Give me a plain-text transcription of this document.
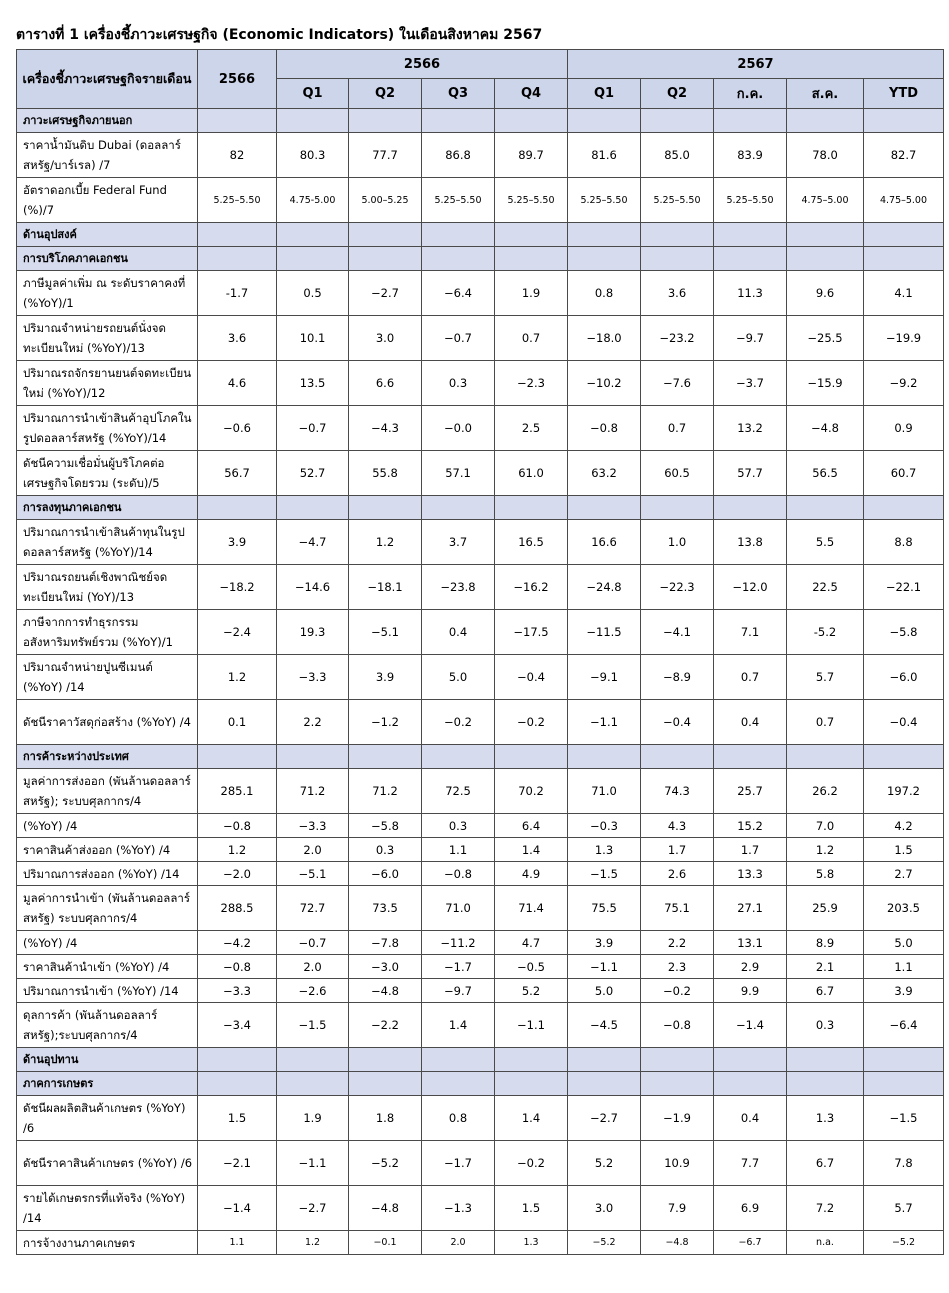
ตารางที่ 1 เครื่องชี้ภาวะเศรษฐกิจ (Economic Indicators) ในเดือนสิงหาคม 2567
เครื่องชี้ภาวะเศรษฐกิจรายเดือน	2566	2566				2567				
		Q1	Q2	Q3	Q4	Q1	Q2	ก.ค.	ส.ค.	YTD
ภาวะเศรษฐกิจภายนอก										
ราคาน้ำมันดิบ Dubai (ดอลลาร์สหรัฐ/บาร์เรล) /7	82	80.3	77.7	86.8	89.7	81.6	85.0	83.9	78.0	82.7
อัตราดอกเบี้ย Federal Fund (%)/7	5.25–5.50	4.75-5.00	5.00–5.25	5.25–5.50	5.25–5.50	5.25–5.50	5.25–5.50	5.25–5.50	4.75–5.00	4.75–5.00
ด้านอุปสงค์										
การบริโภคภาคเอกชน										
ภาษีมูลค่าเพิ่ม ณ ระดับราคาคงที่ (%YoY)/1	-1.7	0.5	−2.7	−6.4	1.9	0.8	3.6	11.3	9.6	4.1
ปริมาณจำหน่ายรถยนต์นั่งจดทะเบียนใหม่ (%YoY)/13	3.6	10.1	3.0	−0.7	0.7	−18.0	−23.2	−9.7	−25.5	−19.9
ปริมาณรถจักรยานยนต์จดทะเบียนใหม่ (%YoY)/12	4.6	13.5	6.6	0.3	−2.3	−10.2	−7.6	−3.7	−15.9	−9.2
ปริมาณการนำเข้าสินค้าอุปโภคในรูปดอลลาร์สหรัฐ (%YoY)/14	−0.6	−0.7	−4.3	−0.0	2.5	−0.8	0.7	13.2	−4.8	0.9
ดัชนีความเชื่อมั่นผู้บริโภคต่อเศรษฐกิจโดยรวม (ระดับ)/5	56.7	52.7	55.8	57.1	61.0	63.2	60.5	57.7	56.5	60.7
การลงทุนภาคเอกชน										
ปริมาณการนำเข้าสินค้าทุนในรูปดอลลาร์สหรัฐ (%YoY)/14	3.9	−4.7	1.2	3.7	16.5	16.6	1.0	13.8	5.5	8.8
ปริมาณรถยนต์เชิงพาณิชย์จดทะเบียนใหม่ (YoY)/13	−18.2	−14.6	−18.1	−23.8	−16.2	−24.8	−22.3	−12.0	22.5	−22.1
ภาษีจากการทำธุรกรรมอสังหาริมทรัพย์รวม (%YoY)/1	−2.4	19.3	−5.1	0.4	−17.5	−11.5	−4.1	7.1	-5.2	−5.8
ปริมาณจำหน่ายปูนซีเมนต์ (%YoY) /14	1.2	−3.3	3.9	5.0	−0.4	−9.1	−8.9	0.7	5.7	−6.0
ดัชนีราคาวัสดุก่อสร้าง (%YoY) /4	0.1	2.2	−1.2	−0.2	−0.2	−1.1	−0.4	0.4	0.7	−0.4
การค้าระหว่างประเทศ										
มูลค่าการส่งออก (พันล้านดอลลาร์สหรัฐ); ระบบศุลกากร/4	285.1	71.2	71.2	72.5	70.2	71.0	74.3	25.7	26.2	197.2
(%YoY) /4	−0.8	−3.3	−5.8	0.3	6.4	−0.3	4.3	15.2	7.0	4.2
ราคาสินค้าส่งออก (%YoY) /4	1.2	2.0	0.3	1.1	1.4	1.3	1.7	1.7	1.2	1.5
ปริมาณการส่งออก (%YoY) /14	−2.0	−5.1	−6.0	−0.8	4.9	−1.5	2.6	13.3	5.8	2.7
มูลค่าการนำเข้า (พันล้านดอลลาร์สหรัฐ) ระบบศุลกากร/4	288.5	72.7	73.5	71.0	71.4	75.5	75.1	27.1	25.9	203.5
(%YoY) /4	−4.2	−0.7	−7.8	−11.2	4.7	3.9	2.2	13.1	8.9	5.0
ราคาสินค้านำเข้า (%YoY) /4	−0.8	2.0	−3.0	−1.7	−0.5	−1.1	2.3	2.9	2.1	1.1
ปริมาณการนำเข้า (%YoY) /14	−3.3	−2.6	−4.8	−9.7	5.2	5.0	−0.2	9.9	6.7	3.9
ดุลการค้า (พันล้านดอลลาร์สหรัฐ);ระบบศุลกากร/4	−3.4	−1.5	−2.2	1.4	−1.1	−4.5	−0.8	−1.4	0.3	−6.4
ด้านอุปทาน										
ภาคการเกษตร										
ดัชนีผลผลิตสินค้าเกษตร (%YoY) /6	1.5	1.9	1.8	0.8	1.4	−2.7	−1.9	0.4	1.3	−1.5
ดัชนีราคาสินค้าเกษตร (%YoY) /6	−2.1	−1.1	−5.2	−1.7	−0.2	5.2	10.9	7.7	6.7	7.8
รายได้เกษตรกรที่แท้จริง (%YoY) /14	−1.4	−2.7	−4.8	−1.3	1.5	3.0	7.9	6.9	7.2	5.7
การจ้างงานภาคเกษตร	1.1	1.2	−0.1	2.0	1.3	−5.2	−4.8	−6.7	n.a.	−5.2
